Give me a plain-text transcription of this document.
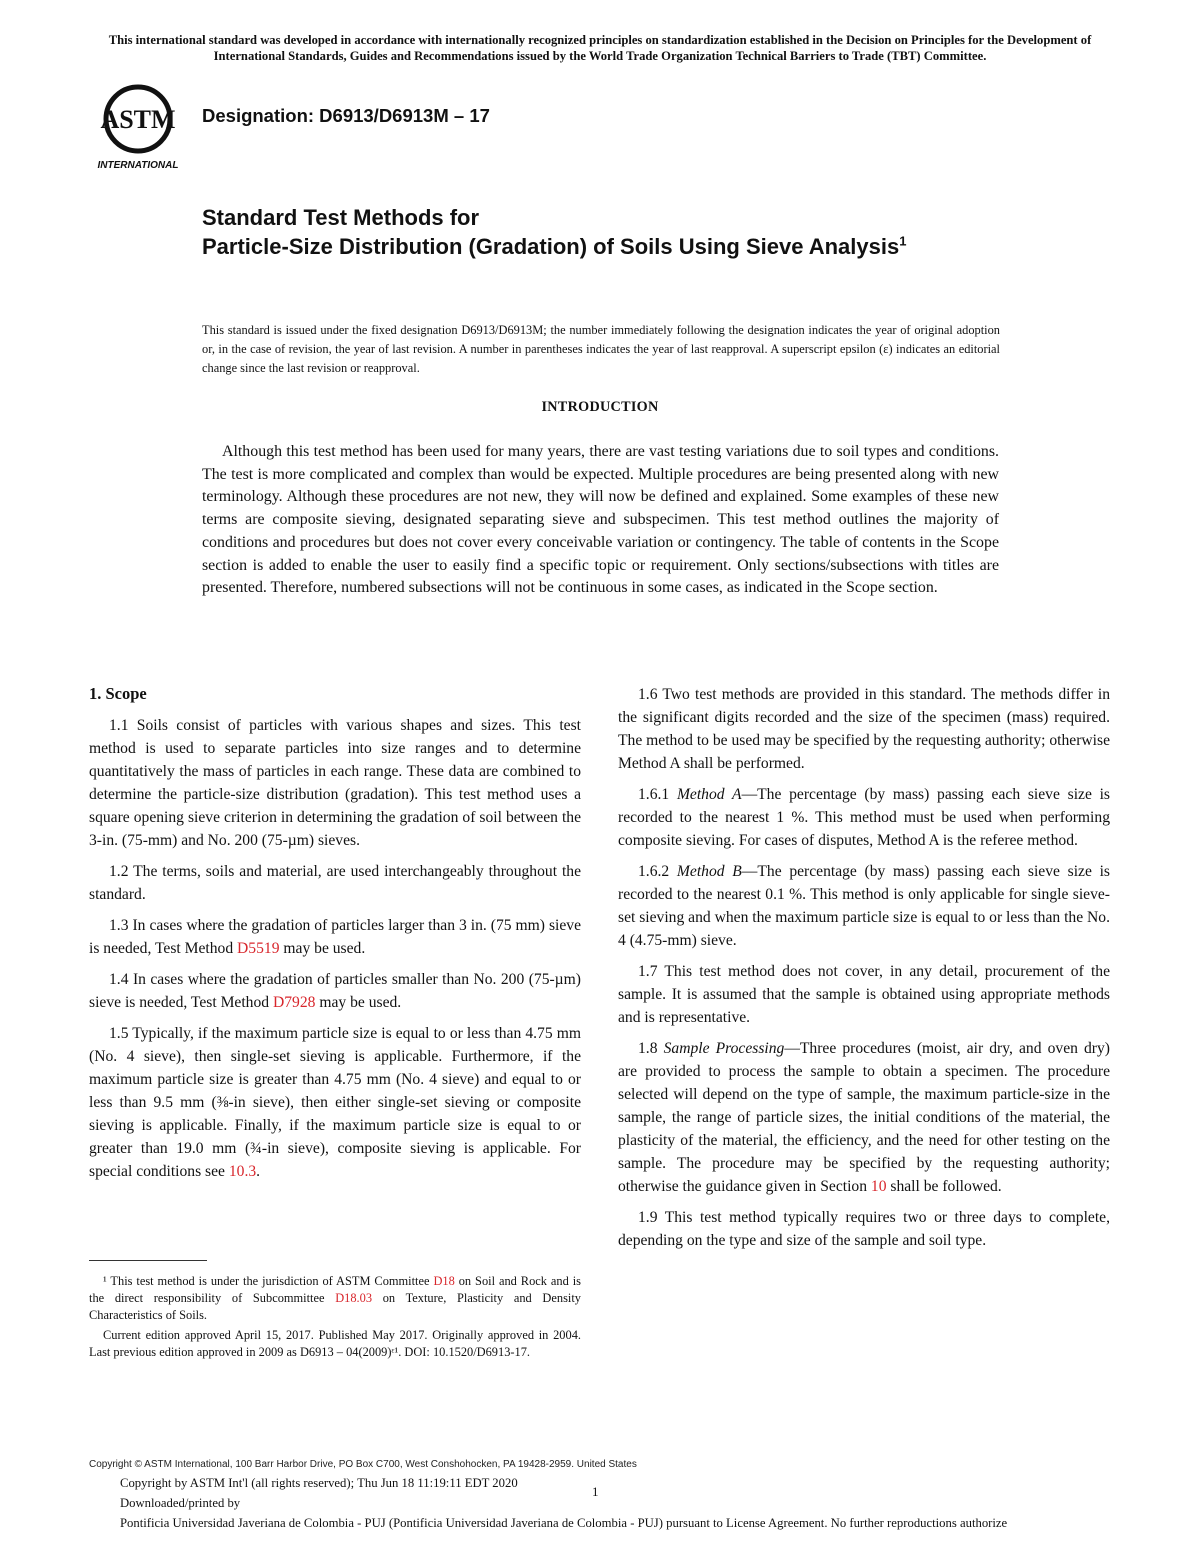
This international standard was developed in accordance with internationally recognized principles on standardization established in the Decision on Principles for the Development of International Standards, Guides and Recommendations issued by the World Trade Organization Technical Barriers to Trade (TBT) Committee.
ASTM
INTERNATIONAL
Designation: D6913/D6913M – 17
Standard Test Methods for
Particle-Size Distribution (Gradation) of Soils Using Sieve Analysis$^1$
This standard is issued under the fixed designation D6913/D6913M; the number immediately following the designation indicates the year of original adoption or, in the case of revision, the year of last revision. A number in parentheses indicates the year of last reapproval. A superscript epsilon (ε) indicates an editorial change since the last revision or reapproval.
INTRODUCTION
Although this test method has been used for many years, there are vast testing variations due to soil types and conditions. The test is more complicated and complex than would be expected. Multiple procedures are being presented along with new terminology. Although these procedures are not new, they will now be defined and explained. Some examples of these new terms are composite sieving, designated separating sieve and subspecimen. This test method outlines the majority of conditions and procedures but does not cover every conceivable variation or contingency. The table of contents in the Scope section is added to enable the user to easily find a specific topic or requirement. Only sections/subsections with titles are presented. Therefore, numbered subsections will not be continuous in some cases, as indicated in the Scope section.
1. Scope

1.1 Soils consist of particles with various shapes and sizes. This test method is used to separate particles into size ranges and to determine quantitatively the mass of particles in each range. These data are combined to determine the particle-size distribution (gradation). This test method uses a square opening sieve criterion in determining the gradation of soil between the 3-in. (75-mm) and No. 200 (75-µm) sieves.

1.2 The terms, soils and material, are used interchangeably throughout the standard.

1.3 In cases where the gradation of particles larger than 3 in. (75 mm) sieve is needed, Test Method D5519 may be used.

1.4 In cases where the gradation of particles smaller than No. 200 (75-µm) sieve is needed, Test Method D7928 may be used.

1.5 Typically, if the maximum particle size is equal to or less than 4.75 mm (No. 4 sieve), then single-set sieving is applicable. Furthermore, if the maximum particle size is greater than 4.75 mm (No. 4 sieve) and equal to or less than 9.5 mm (⅜-in sieve), then either single-set sieving or composite sieving is applicable. Finally, if the maximum particle size is equal to or greater than 19.0 mm (¾-in sieve), composite sieving is applicable. For special conditions see 10.3.

¹ This test method is under the jurisdiction of ASTM Committee D18 on Soil and Rock and is the direct responsibility of Subcommittee D18.03 on Texture, Plasticity and Density Characteristics of Soils.

Current edition approved April 15, 2017. Published May 2017. Originally approved in 2004. Last previous edition approved in 2009 as D6913 – 04(2009)ᵋ¹. DOI: 10.1520/D6913-17.

1.6 Two test methods are provided in this standard. The methods differ in the significant digits recorded and the size of the specimen (mass) required. The method to be used may be specified by the requesting authority; otherwise Method A shall be performed.

1.6.1 Method A—The percentage (by mass) passing each sieve size is recorded to the nearest 1 %. This method must be used when performing composite sieving. For cases of disputes, Method A is the referee method.

1.6.2 Method B—The percentage (by mass) passing each sieve size is recorded to the nearest 0.1 %. This method is only applicable for single sieve-set sieving and when the maximum particle size is equal to or less than the No. 4 (4.75-mm) sieve.

1.7 This test method does not cover, in any detail, procurement of the sample. It is assumed that the sample is obtained using appropriate methods and is representative.

1.8 Sample Processing—Three procedures (moist, air dry, and oven dry) are provided to process the sample to obtain a specimen. The procedure selected will depend on the type of sample, the maximum particle-size in the sample, the range of particle sizes, the initial conditions of the material, the plasticity of the material, the efficiency, and the need for other testing on the sample. The procedure may be specified by the requesting authority; otherwise the guidance given in Section 10 shall be followed.

1.9 This test method typically requires two or three days to complete, depending on the type and size of the sample and soil type.

Copyright © ASTM International, 100 Barr Harbor Drive, PO Box C700, West Conshohocken, PA 19428-2959. United States
Copyright by ASTM Int'l (all rights reserved); Thu Jun 18 11:19:11 EDT 2020
1
Downloaded/printed by
Pontificia Universidad Javeriana de Colombia - PUJ (Pontificia Universidad Javeriana de Colombia - PUJ) pursuant to License Agreement. No further reproductions authorize
